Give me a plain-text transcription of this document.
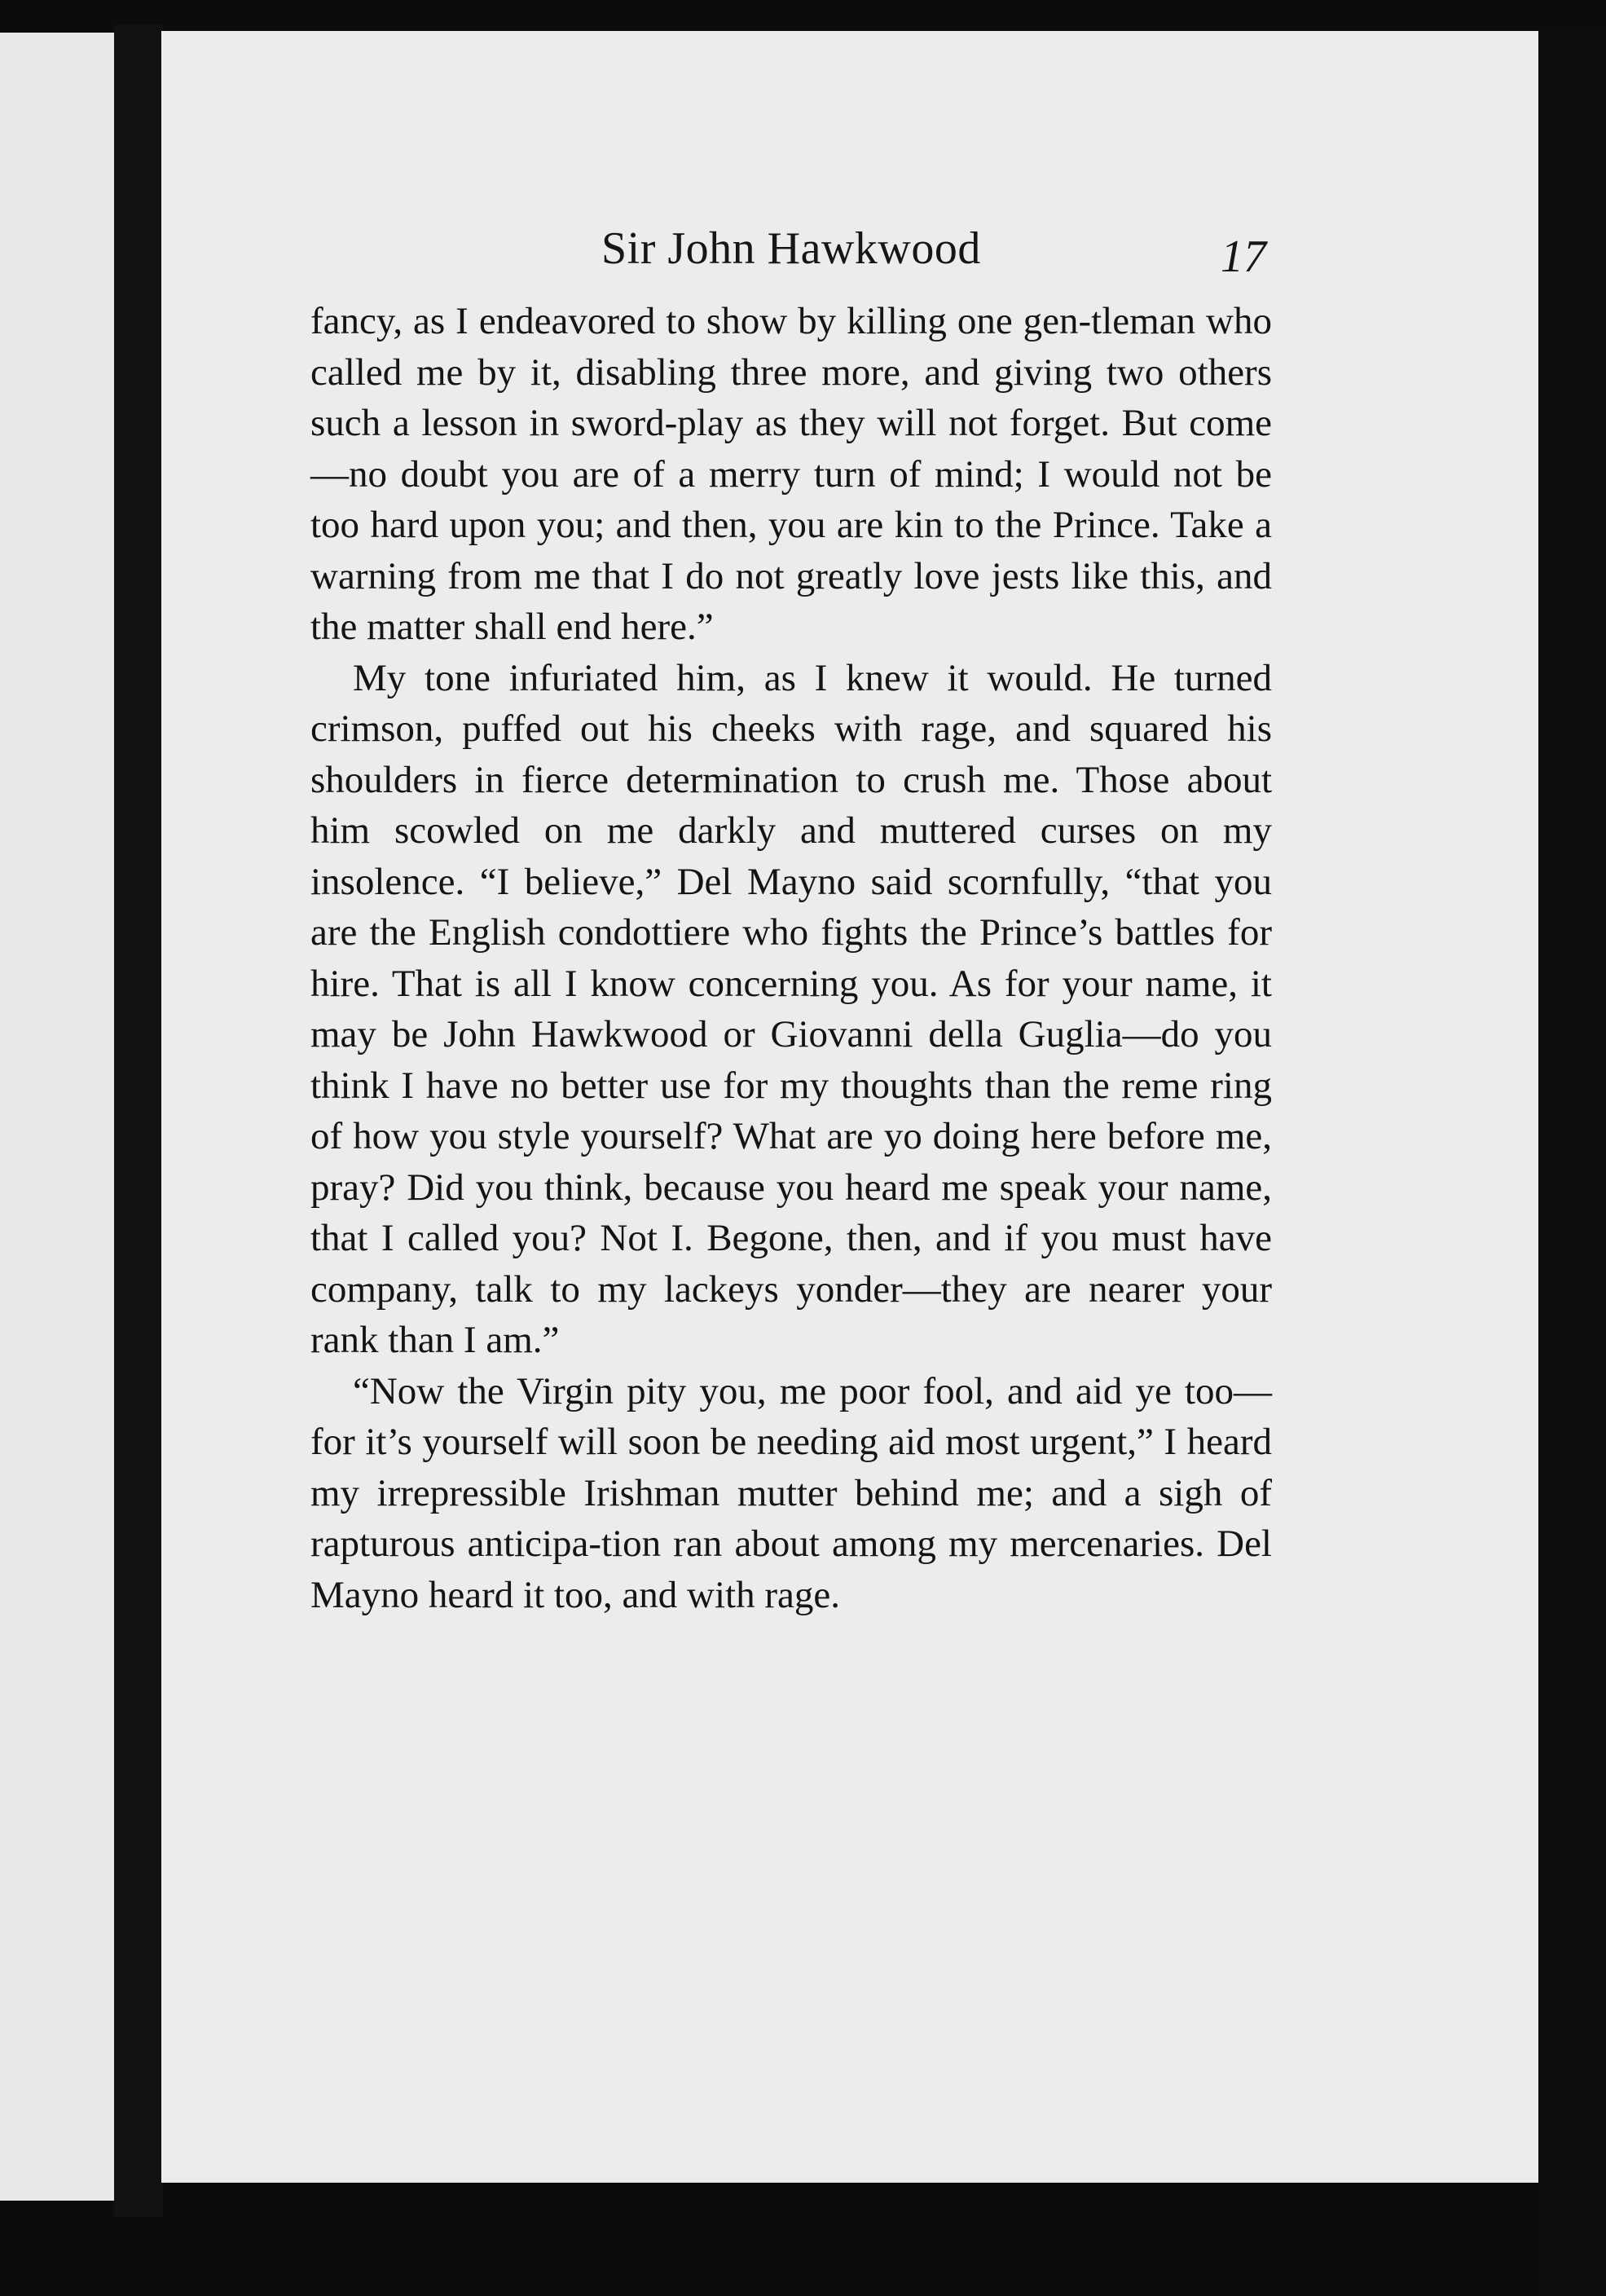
Sir John Hawkwood	17

fancy, as I endeavored to show by killing one gen-tleman who called me by it, disabling three more, and giving two others such a lesson in sword-play as they will not forget. But come—no doubt you are of a merry turn of mind; I would not be too hard upon you; and then, you are kin to the Prince. Take a warning from me that I do not greatly love jests like this, and the matter shall end here.”

My tone infuriated him, as I knew it would. He turned crimson, puffed out his cheeks with rage, and squared his shoulders in fierce determination to crush me. Those about him scowled on me darkly and muttered curses on my insolence. “I believe,” Del Mayno said scornfully, “that you are the English condottiere who fights the Prince’s battles for hire. That is all I know concerning you. As for your name, it may be John Hawkwood or Giovanni della Guglia—do you think I have no better use for my thoughts than the reme ring of how you style yourself? What are yo doing here before me, pray? Did you think, because you heard me speak your name, that I called you? Not I. Begone, then, and if you must have company, talk to my lackeys yonder—they are nearer your rank than I am.”

“Now the Virgin pity you, me poor fool, and aid ye too—for it’s yourself will soon be needing aid most urgent,” I heard my irrepressible Irishman mutter behind me; and a sigh of rapturous anticipa-tion ran about among my mercenaries. Del Mayno heard it too, and with rage.
